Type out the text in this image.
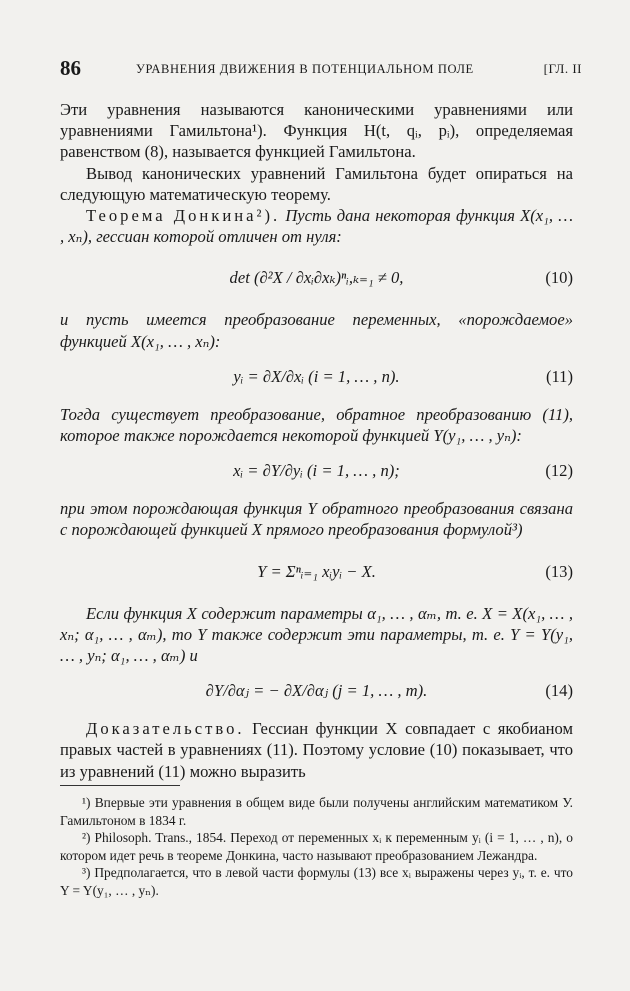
86	УРАВНЕНИЯ ДВИЖЕНИЯ В ПОТЕНЦИАЛЬНОМ ПОЛЕ	[ГЛ. II

Эти уравнения называются каноническими уравнениями или уравнениями Гамильтона¹). Функция H(t, qᵢ, pᵢ), определяемая равенством (8), называется функцией Гамильтона.

Вывод канонических уравнений Гамильтона будет опираться на следующую математическую теорему.

Теорема Донкина²). Пусть дана некоторая функция X(x₁, … , xₙ), гессиан которой отличен от нуля:

det (∂²X / ∂xᵢ∂xₖ)ⁿᵢ,ₖ₌₁ ≠ 0,	(10)

и пусть имеется преобразование переменных, «порождаемое» функцией X(x₁, … , xₙ):

yᵢ = ∂X/∂xᵢ (i = 1, … , n).	(11)

Тогда существует преобразование, обратное преобразованию (11), которое также порождается некоторой функцией Y(y₁, … , yₙ):

xᵢ = ∂Y/∂yᵢ (i = 1, … , n);	(12)

при этом порождающая функция Y обратного преобразования связана с порождающей функцией X прямого преобразования формулой³)

Y = Σⁿᵢ₌₁ xᵢyᵢ − X.	(13)

Если функция X содержит параметры α₁, … , αₘ, т. е. X = X(x₁, … , xₙ; α₁, … , αₘ), то Y также содержит эти параметры, т. е. Y = Y(y₁, … , yₙ; α₁, … , αₘ) и

∂Y/∂αⱼ = − ∂X/∂αⱼ (j = 1, … , m).	(14)

Доказательство. Гессиан функции X совпадает с якобианом правых частей в уравнениях (11). Поэтому условие (10) показывает, что из уравнений (11) можно выразить

¹) Впервые эти уравнения в общем виде были получены английским математиком У. Гамильтоном в 1834 г.

²) Philosoph. Trans., 1854. Переход от переменных xᵢ к переменным yᵢ (i = 1, … , n), о котором идет речь в теореме Донкина, часто называют преобразованием Лежандра.

³) Предполагается, что в левой части формулы (13) все xᵢ выражены через yᵢ, т. е. что Y = Y(y₁, … , yₙ).
